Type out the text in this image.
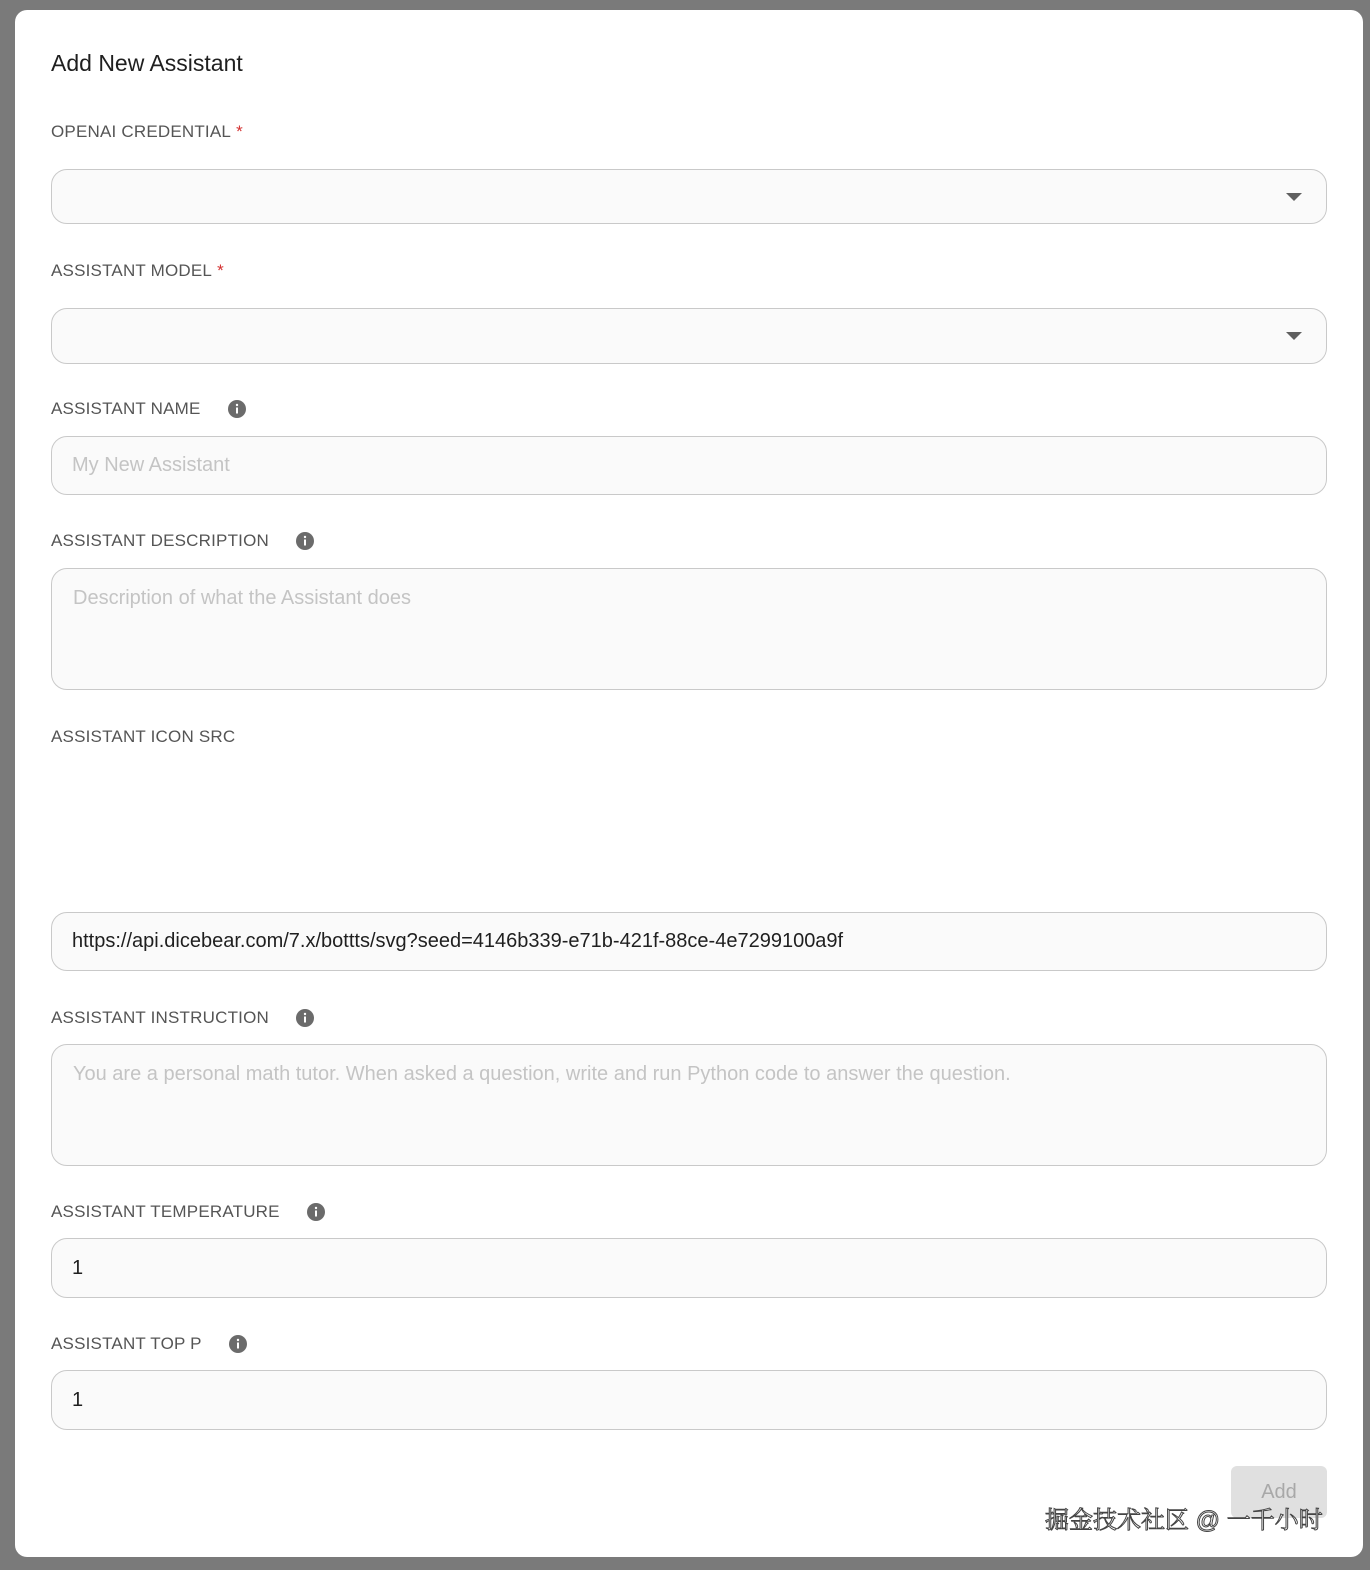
Add New Assistant
OPENAI CREDENTIAL *
ASSISTANT MODEL *
ASSISTANT NAME
My New Assistant
ASSISTANT DESCRIPTION
Description of what the Assistant does
ASSISTANT ICON SRC
https://api.dicebear.com/7.x/bottts/svg?seed=4146b339-e71b-421f-88ce-4e7299100a9f
ASSISTANT INSTRUCTION
You are a personal math tutor. When asked a question, write and run Python code to answer the question.
ASSISTANT TEMPERATURE
1
ASSISTANT TOP P
1
Add
掘金技术社区 @ 一千小时
